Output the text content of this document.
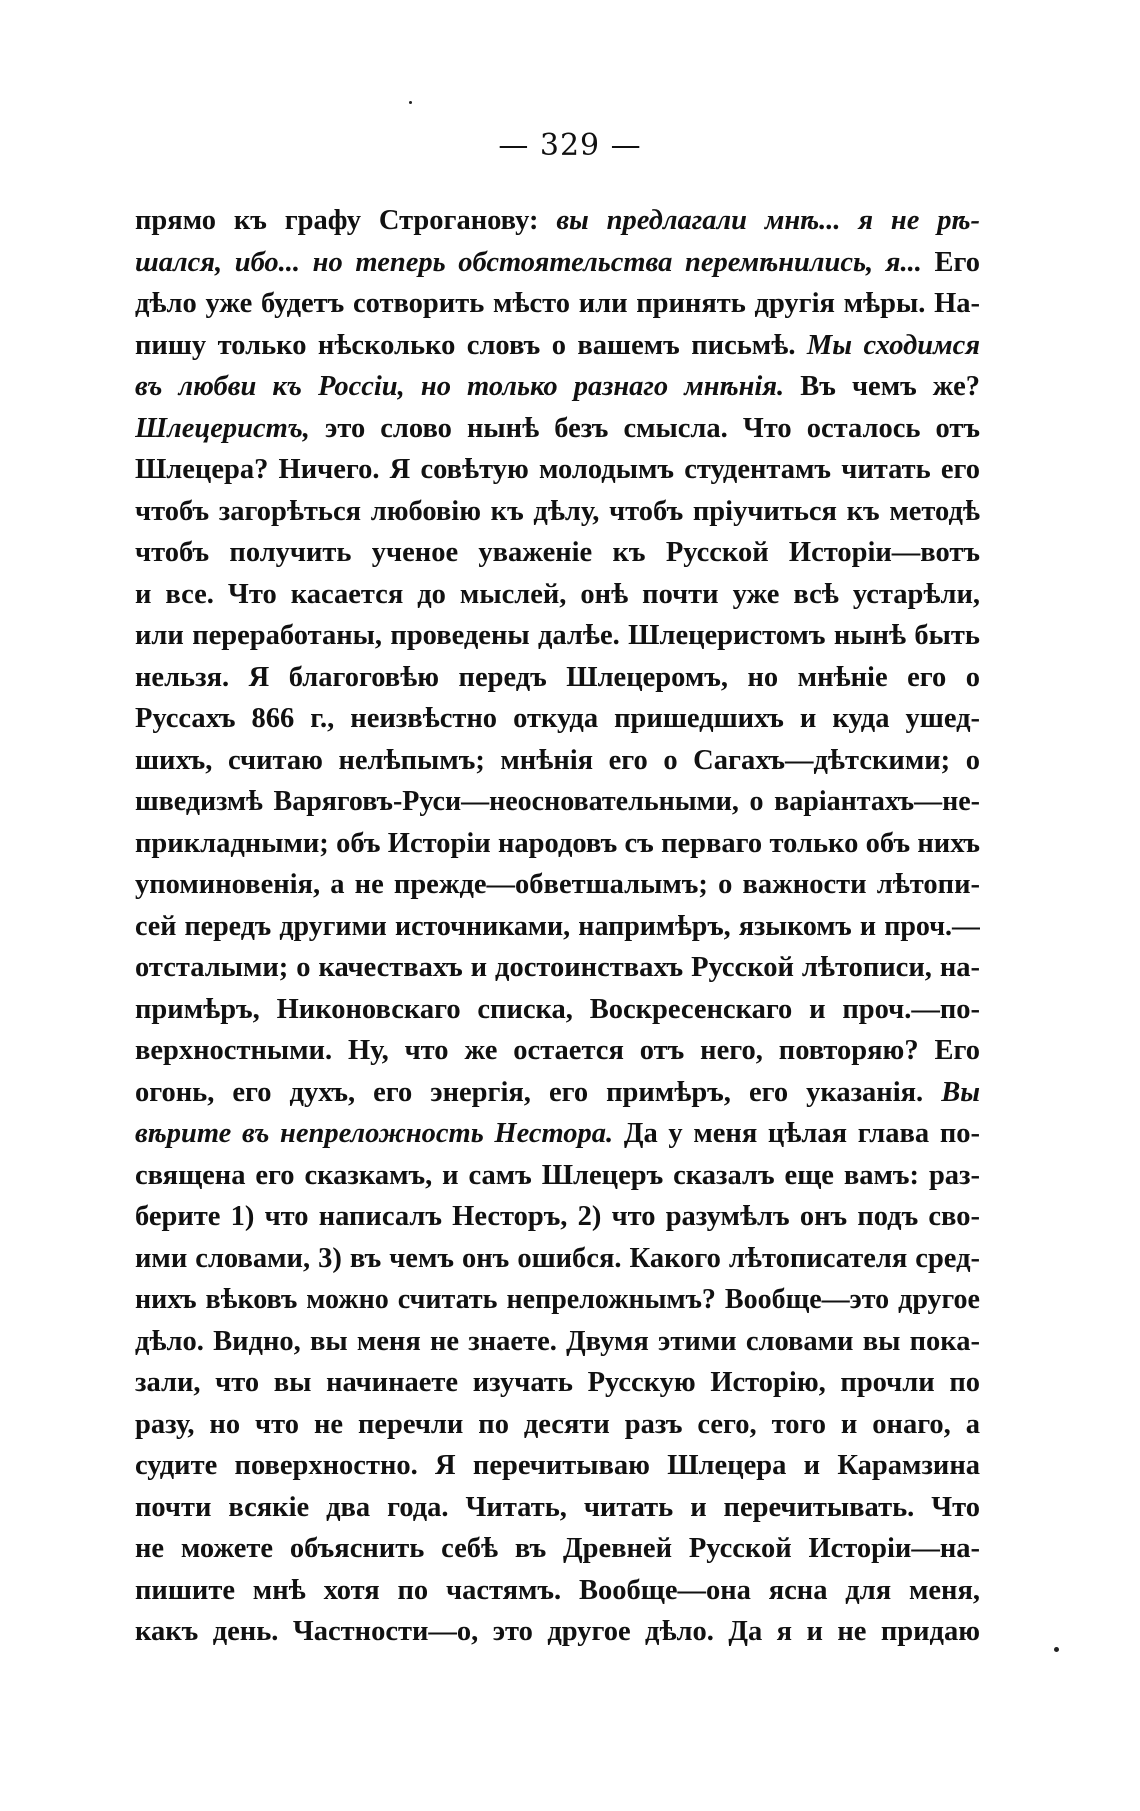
— 329 —
прямо къ графу Строганову: вы предлагали мнѣ... я не рѣ-
шался, ибо... но теперь обстоятельства перемѣнились, я... Его
дѣло уже будетъ сотворить мѣсто или принять другія мѣры. На-
пишу только нѣсколько словъ о вашемъ письмѣ. Мы сходимся
въ любви къ Россіи, но только разнаго мнѣнія. Въ чемъ же?
Шлецеристъ, это слово нынѣ безъ смысла. Что осталось отъ
Шлецера? Ничего. Я совѣтую молодымъ студентамъ читать его
чтобъ загорѣться любовію къ дѣлу, чтобъ пріучиться къ методѣ
чтобъ получить ученое уваженіе къ Русской Исторіи—вотъ
и все. Что касается до мыслей, онѣ почти уже всѣ устарѣли,
или переработаны, проведены далѣе. Шлецеристомъ нынѣ быть
нельзя. Я благоговѣю передъ Шлецеромъ, но мнѣніе его о
Руссахъ 866 г., неизвѣстно откуда пришедшихъ и куда ушед-
шихъ, считаю нелѣпымъ; мнѣнія его о Сагахъ—дѣтскими; о
шведизмѣ Варяговъ-Руси—неосновательными, о варіантахъ—не-
прикладными; объ Исторіи народовъ съ перваго только объ нихъ
упоминовенія, а не прежде—обветшалымъ; о важности лѣтопи-
сей передъ другими источниками, напримѣръ, языкомъ и проч.—
отсталыми; о качествахъ и достоинствахъ Русской лѣтописи, на-
примѣръ, Никоновскаго списка, Воскресенскаго и проч.—по-
верхностными. Ну, что же остается отъ него, повторяю? Его
огонь, его духъ, его энергія, его примѣръ, его указанія. Вы
вѣрите въ непреложность Нестора. Да у меня цѣлая глава по-
священа его сказкамъ, и самъ Шлецеръ сказалъ еще вамъ: раз-
берите 1) что написалъ Несторъ, 2) что разумѣлъ онъ подъ сво-
ими словами, 3) въ чемъ онъ ошибся. Какого лѣтописателя сред-
нихъ вѣковъ можно считать непреложнымъ? Вообще—это другое
дѣло. Видно, вы меня не знаете. Двумя этими словами вы пока-
зали, что вы начинаете изучать Русскую Исторію, прочли по
разу, но что не перечли по десяти разъ сего, того и онаго, а
судите поверхностно. Я перечитываю Шлецера и Карамзина
почти всякіе два года. Читать, читать и перечитывать. Что
не можете объяснить себѣ въ Древней Русской Исторіи—на-
пишите мнѣ хотя по частямъ. Вообще—она ясна для меня,
какъ день. Частности—о, это другое дѣло. Да я и не придаю
